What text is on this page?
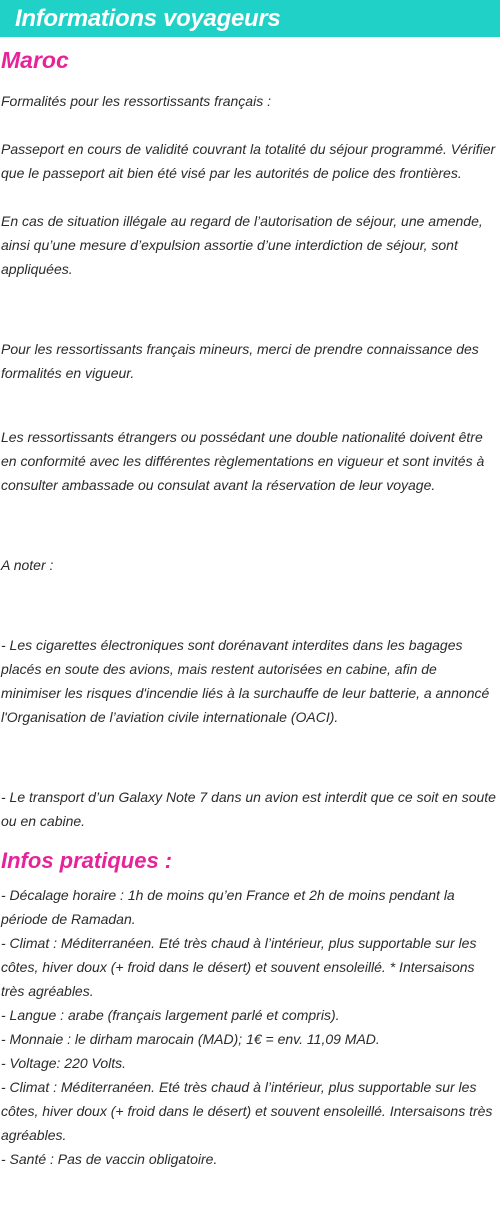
Informations voyageurs
Maroc

Formalités pour les ressortissants français :

Passeport en cours de validité couvrant la totalité du séjour programmé. Vérifier que le passeport ait bien été visé par les autorités de police des frontières.

En cas de situation illégale au regard de l’autorisation de séjour, une amende, ainsi qu’une mesure d’expulsion assortie d’une interdiction de séjour, sont appliquées.

Pour les ressortissants français mineurs, merci de prendre connaissance des formalités en vigueur.

Les ressortissants étrangers ou possédant une double nationalité doivent être en conformité avec les différentes règlementations en vigueur et sont invités à consulter ambassade ou consulat avant la réservation de leur voyage.

A noter :

- Les cigarettes électroniques sont dorénavant interdites dans les bagages placés en soute des avions, mais restent autorisées en cabine, afin de minimiser les risques d'incendie liés à la surchauffe de leur batterie, a annoncé l'Organisation de l’aviation civile internationale (OACI).

- Le transport d’un Galaxy Note 7 dans un avion est interdit que ce soit en soute ou en cabine.

Infos pratiques :
- Décalage horaire : 1h de moins qu’en France et 2h de moins pendant la période de Ramadan.
- Climat : Méditerranéen. Eté très chaud à l’intérieur, plus supportable sur les côtes, hiver doux (+ froid dans le désert) et souvent ensoleillé. * Intersaisons très agréables.
- Langue : arabe (français largement parlé et compris).
- Monnaie : le dirham marocain (MAD); 1€ = env. 11,09 MAD.
- Voltage: 220 Volts.
- Climat : Méditerranéen. Eté très chaud à l’intérieur, plus supportable sur les côtes, hiver doux (+ froid dans le désert) et souvent ensoleillé. Intersaisons très agréables.
- Santé : Pas de vaccin obligatoire.
